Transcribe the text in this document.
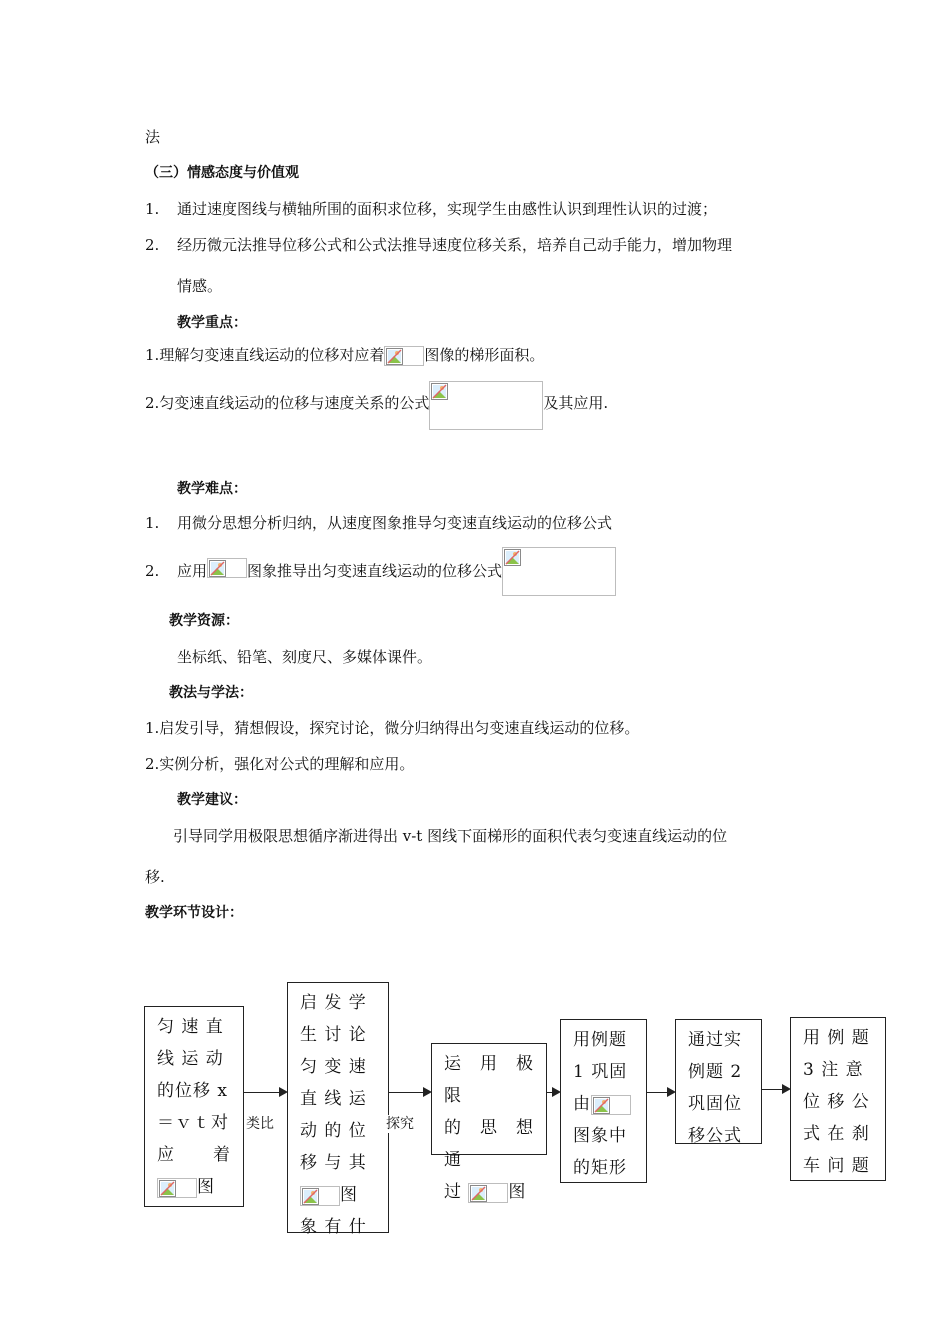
法
（三）情感态度与价值观
1. 通过速度图线与横轴所围的面积求位移，实现学生由感性认识到理性认识的过渡；
2. 经历微元法推导位移公式和公式法推导速度位移关系，培养自己动手能力，增加物理
情感。
教学重点：
1.理解匀变速直线运动的位移对应着	图像的梯形面积。
2.匀变速直线运动的位移与速度关系的公式	及其应用.
教学难点：
1. 用微分思想分析归纳，从速度图象推导匀变速直线运动的位移公式
2. 应用	图象推导出匀变速直线运动的位移公式
教学资源：
坐标纸、铅笔、刻度尺、多媒体课件。
教法与学法：
1.启发引导，猜想假设，探究讨论，微分归纳得出匀变速直线运动的位移。
2.实例分析，强化对公式的理解和应用。
教学建议：
引导同学用极限思想循序渐进得出 v-t 图线下面梯形的面积代表匀变速直线运动的位
移.
教学环节设计：
匀 速 直
线 运 动
的位移 x
＝ｖｔ对
应 着
图
类比
启 发 学
生 讨 论
匀 变 速
直 线 运
动 的 位
移 与 其
图
象 有 什
探究
运 用 极 限
的 思 想 通
过	图
用例题
1 巩固
由
图象中
的矩形
通过实
例题 2
巩固位
移公式
用 例 题
3 注 意
位 移 公
式 在 刹
车 问 题
